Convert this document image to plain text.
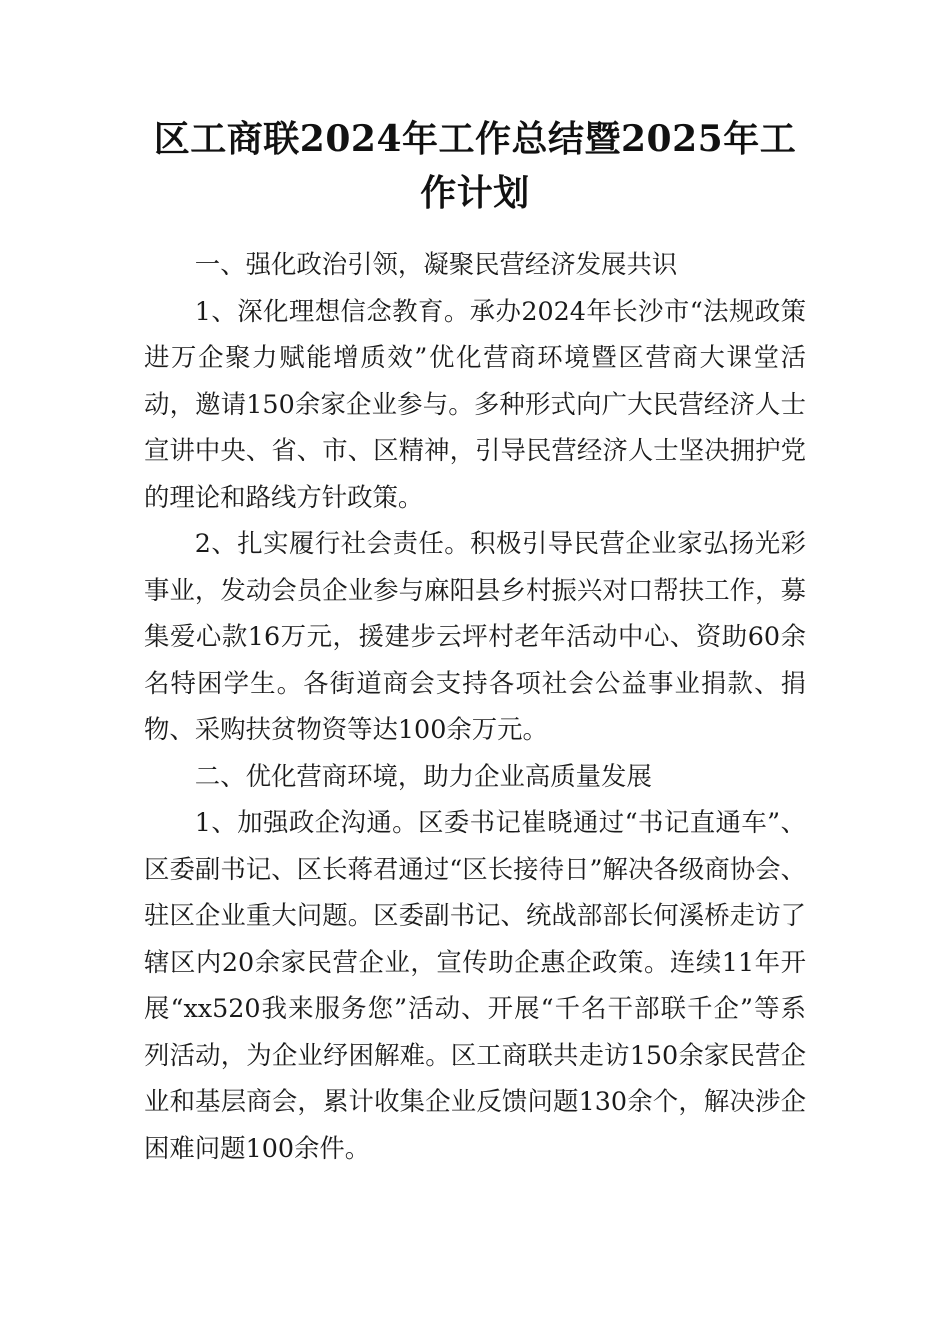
区工商联2024年工作总结暨2025年工作计划

一、强化政治引领，凝聚民营经济发展共识

1、深化理想信念教育。承办2024年长沙市“法规政策进万企聚力赋能增质效”优化营商环境暨区营商大课堂活动，邀请150余家企业参与。多种形式向广大民营经济人士宣讲中央、省、市、区精神，引导民营经济人士坚决拥护党的理论和路线方针政策。

2、扎实履行社会责任。积极引导民营企业家弘扬光彩事业，发动会员企业参与麻阳县乡村振兴对口帮扶工作，募集爱心款16万元，援建步云坪村老年活动中心、资助60余名特困学生。各街道商会支持各项社会公益事业捐款、捐物、采购扶贫物资等达100余万元。

二、优化营商环境，助力企业高质量发展

1、加强政企沟通。区委书记崔晓通过“书记直通车”、区委副书记、区长蒋君通过“区长接待日”解决各级商协会、驻区企业重大问题。区委副书记、统战部部长何溪桥走访了辖区内20余家民营企业，宣传助企惠企政策。连续11年开展“xx520我来服务您”活动、开展“千名干部联千企”等系列活动，为企业纾困解难。区工商联共走访150余家民营企业和基层商会，累计收集企业反馈问题130余个，解决涉企困难问题100余件。
